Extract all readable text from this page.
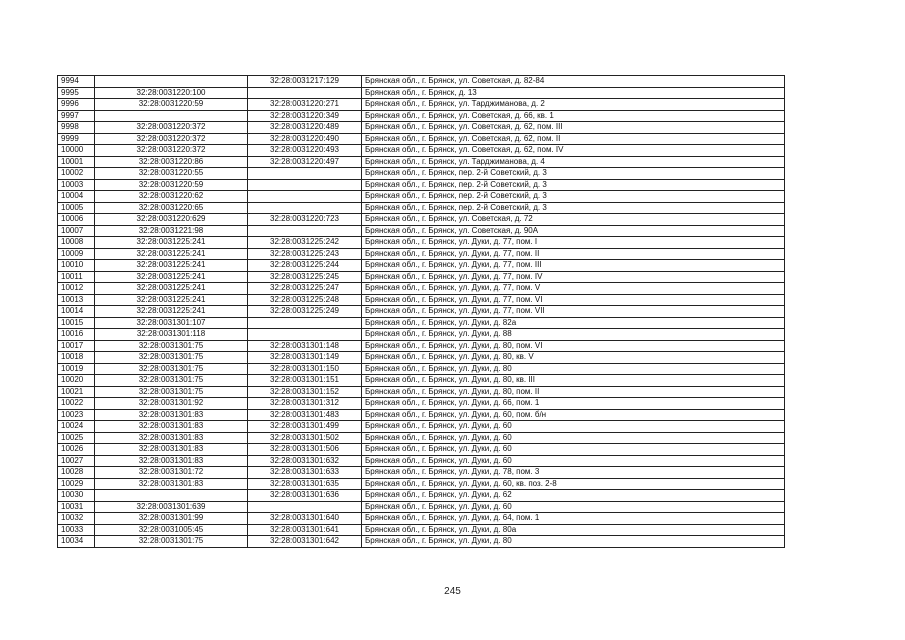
9994		32:28:0031217:129	Брянская обл., г. Брянск, ул. Советская, д. 82-84
9995	32:28:0031220:100		Брянская обл., г. Брянск, д. 13
9996	32:28:0031220:59	32:28:0031220:271	Брянская обл., г. Брянск, ул. Тарджиманова, д. 2
9997		32:28:0031220:349	Брянская обл., г. Брянск, ул. Советская, д. 66, кв. 1
9998	32:28:0031220:372	32:28:0031220:489	Брянская обл., г. Брянск, ул. Советская, д. 62, пом. III
9999	32:28:0031220:372	32:28:0031220:490	Брянская обл., г. Брянск, ул. Советская, д. 62, пом. II
10000	32:28:0031220:372	32:28:0031220:493	Брянская обл., г. Брянск, ул. Советская, д. 62, пом. IV
10001	32:28:0031220:86	32:28:0031220:497	Брянская обл., г. Брянск, ул. Тарджиманова, д. 4
10002	32:28:0031220:55		Брянская обл., г. Брянск, пер. 2-й Советский, д. 3
10003	32:28:0031220:59		Брянская обл., г. Брянск, пер. 2-й Советский, д. 3
10004	32:28:0031220:62		Брянская обл., г. Брянск, пер. 2-й Советский, д. 3
10005	32:28:0031220:65		Брянская обл., г. Брянск, пер. 2-й Советский, д. 3
10006	32:28:0031220:629	32:28:0031220:723	Брянская обл., г. Брянск, ул. Советская, д. 72
10007	32:28:0031221:98		Брянская обл., г. Брянск, ул. Советская, д. 90А
10008	32:28:0031225:241	32:28:0031225:242	Брянская обл., г. Брянск, ул. Дуки, д. 77, пом. I
10009	32:28:0031225:241	32:28:0031225:243	Брянская обл., г. Брянск, ул. Дуки, д. 77, пом. II
10010	32:28:0031225:241	32:28:0031225:244	Брянская обл., г. Брянск, ул. Дуки, д. 77, пом. III
10011	32:28:0031225:241	32:28:0031225:245	Брянская обл., г. Брянск, ул. Дуки, д. 77, пом. IV
10012	32:28:0031225:241	32:28:0031225:247	Брянская обл., г. Брянск, ул. Дуки, д. 77, пом. V
10013	32:28:0031225:241	32:28:0031225:248	Брянская обл., г. Брянск, ул. Дуки, д. 77, пом. VI
10014	32:28:0031225:241	32:28:0031225:249	Брянская обл., г. Брянск, ул. Дуки, д. 77, пом. VII
10015	32:28:0031301:107		Брянская обл., г. Брянск, ул. Дуки, д. 82а
10016	32:28:0031301:118		Брянская обл., г. Брянск, ул. Дуки, д. 88
10017	32:28:0031301:75	32:28:0031301:148	Брянская обл., г. Брянск, ул. Дуки, д. 80, пом. VI
10018	32:28:0031301:75	32:28:0031301:149	Брянская обл., г. Брянск, ул. Дуки, д. 80, кв. V
10019	32:28:0031301:75	32:28:0031301:150	Брянская обл., г. Брянск, ул. Дуки, д. 80
10020	32:28:0031301:75	32:28:0031301:151	Брянская обл., г. Брянск, ул. Дуки, д. 80, кв. III
10021	32:28:0031301:75	32:28:0031301:152	Брянская обл., г. Брянск, ул. Дуки, д. 80, пом. II
10022	32:28:0031301:92	32:28:0031301:312	Брянская обл., г. Брянск, ул. Дуки, д. 66, пом. 1
10023	32:28:0031301:83	32:28:0031301:483	Брянская обл., г. Брянск, ул. Дуки, д. 60, пом. б/н
10024	32:28:0031301:83	32:28:0031301:499	Брянская обл., г. Брянск, ул. Дуки, д. 60
10025	32:28:0031301:83	32:28:0031301:502	Брянская обл., г. Брянск, ул. Дуки, д. 60
10026	32:28:0031301:83	32:28:0031301:506	Брянская обл., г. Брянск, ул. Дуки, д. 60
10027	32:28:0031301:83	32:28:0031301:632	Брянская обл., г. Брянск, ул. Дуки, д. 60
10028	32:28:0031301:72	32:28:0031301:633	Брянская обл., г. Брянск, ул. Дуки, д. 78, пом. 3
10029	32:28:0031301:83	32:28:0031301:635	Брянская обл., г. Брянск, ул. Дуки, д. 60, кв. поз. 2-8
10030		32:28:0031301:636	Брянская обл., г. Брянск, ул. Дуки, д. 62
10031	32:28:0031301:639		Брянская обл., г. Брянск, ул. Дуки, д. 60
10032	32:28:0031301:99	32:28:0031301:640	Брянская обл., г. Брянск, ул. Дуки, д. 64, пом. 1
10033	32:28:0031005:45	32:28:0031301:641	Брянская обл., г. Брянск, ул. Дуки, д. 80а
10034	32:28:0031301:75	32:28:0031301:642	Брянская обл., г. Брянск, ул. Дуки, д. 80
245
